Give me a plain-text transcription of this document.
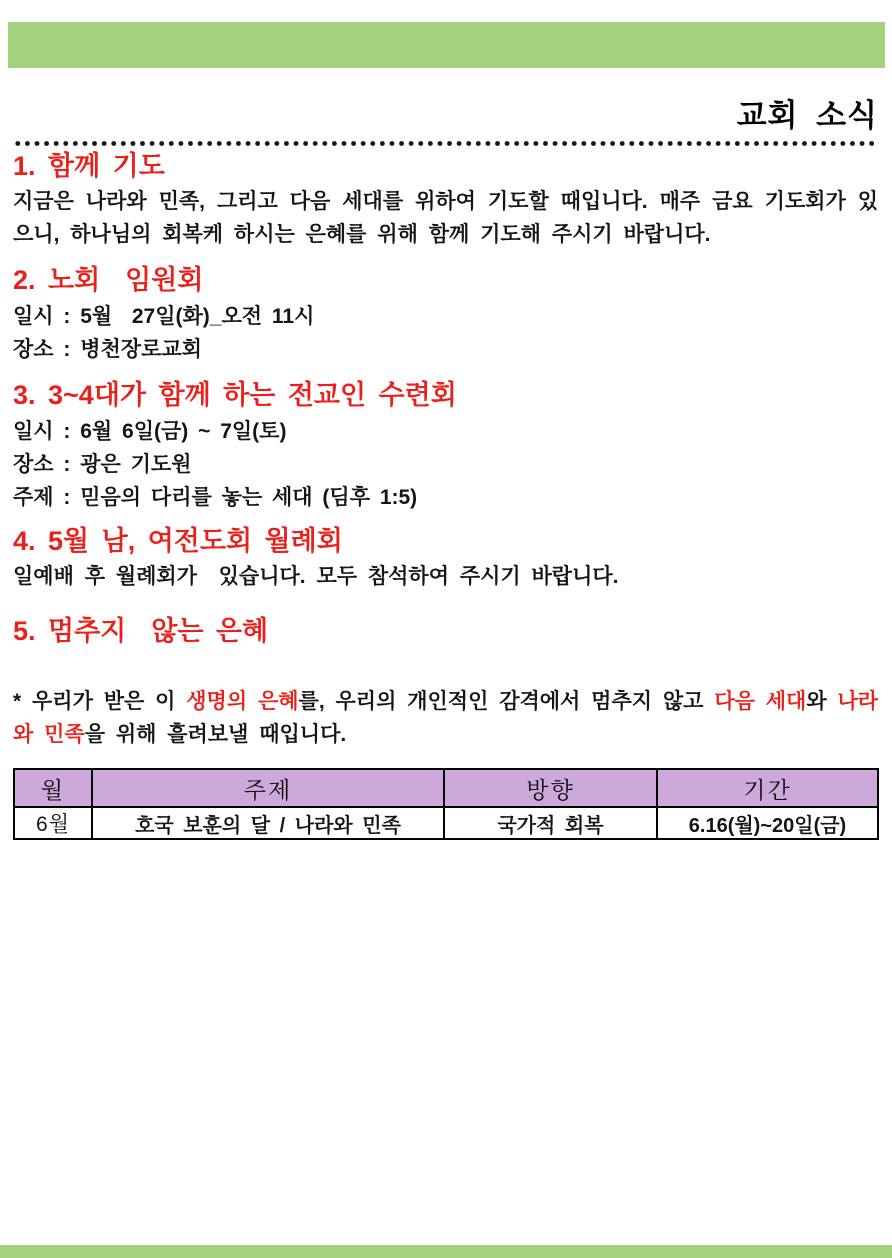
교회 소식
1. 함께 기도
지금은 나라와 민족, 그리고 다음 세대를 위하여 기도할 때입니다. 매주 금요 기도회가 있으니, 하나님의 회복케 하시는 은혜를 위해 함께 기도해 주시기 바랍니다.
2. 노회  임원회
일시 : 5월  27일(화)_오전 11시
장소 : 병천장로교회
3. 3~4대가 함께 하는 전교인 수련회
일시 : 6월 6일(금) ~ 7일(토)
장소 : 광은 기도원
주제 : 믿음의 다리를 놓는 세대 (딤후 1:5)
4. 5월 남, 여전도회 월례회
일예배 후 월례회가  있습니다. 모두 참석하여 주시기 바랍니다.
5. 멈추지  않는 은혜
* 우리가 받은 이 생명의 은혜를, 우리의 개인적인 감격에서 멈추지 않고 다음 세대와 나라와 민족을 위해 흘려보낼 때입니다.
월	주제	방향	기간
6월	호국 보훈의 달 / 나라와 민족	국가적 회복	6.16(월)~20일(금)
